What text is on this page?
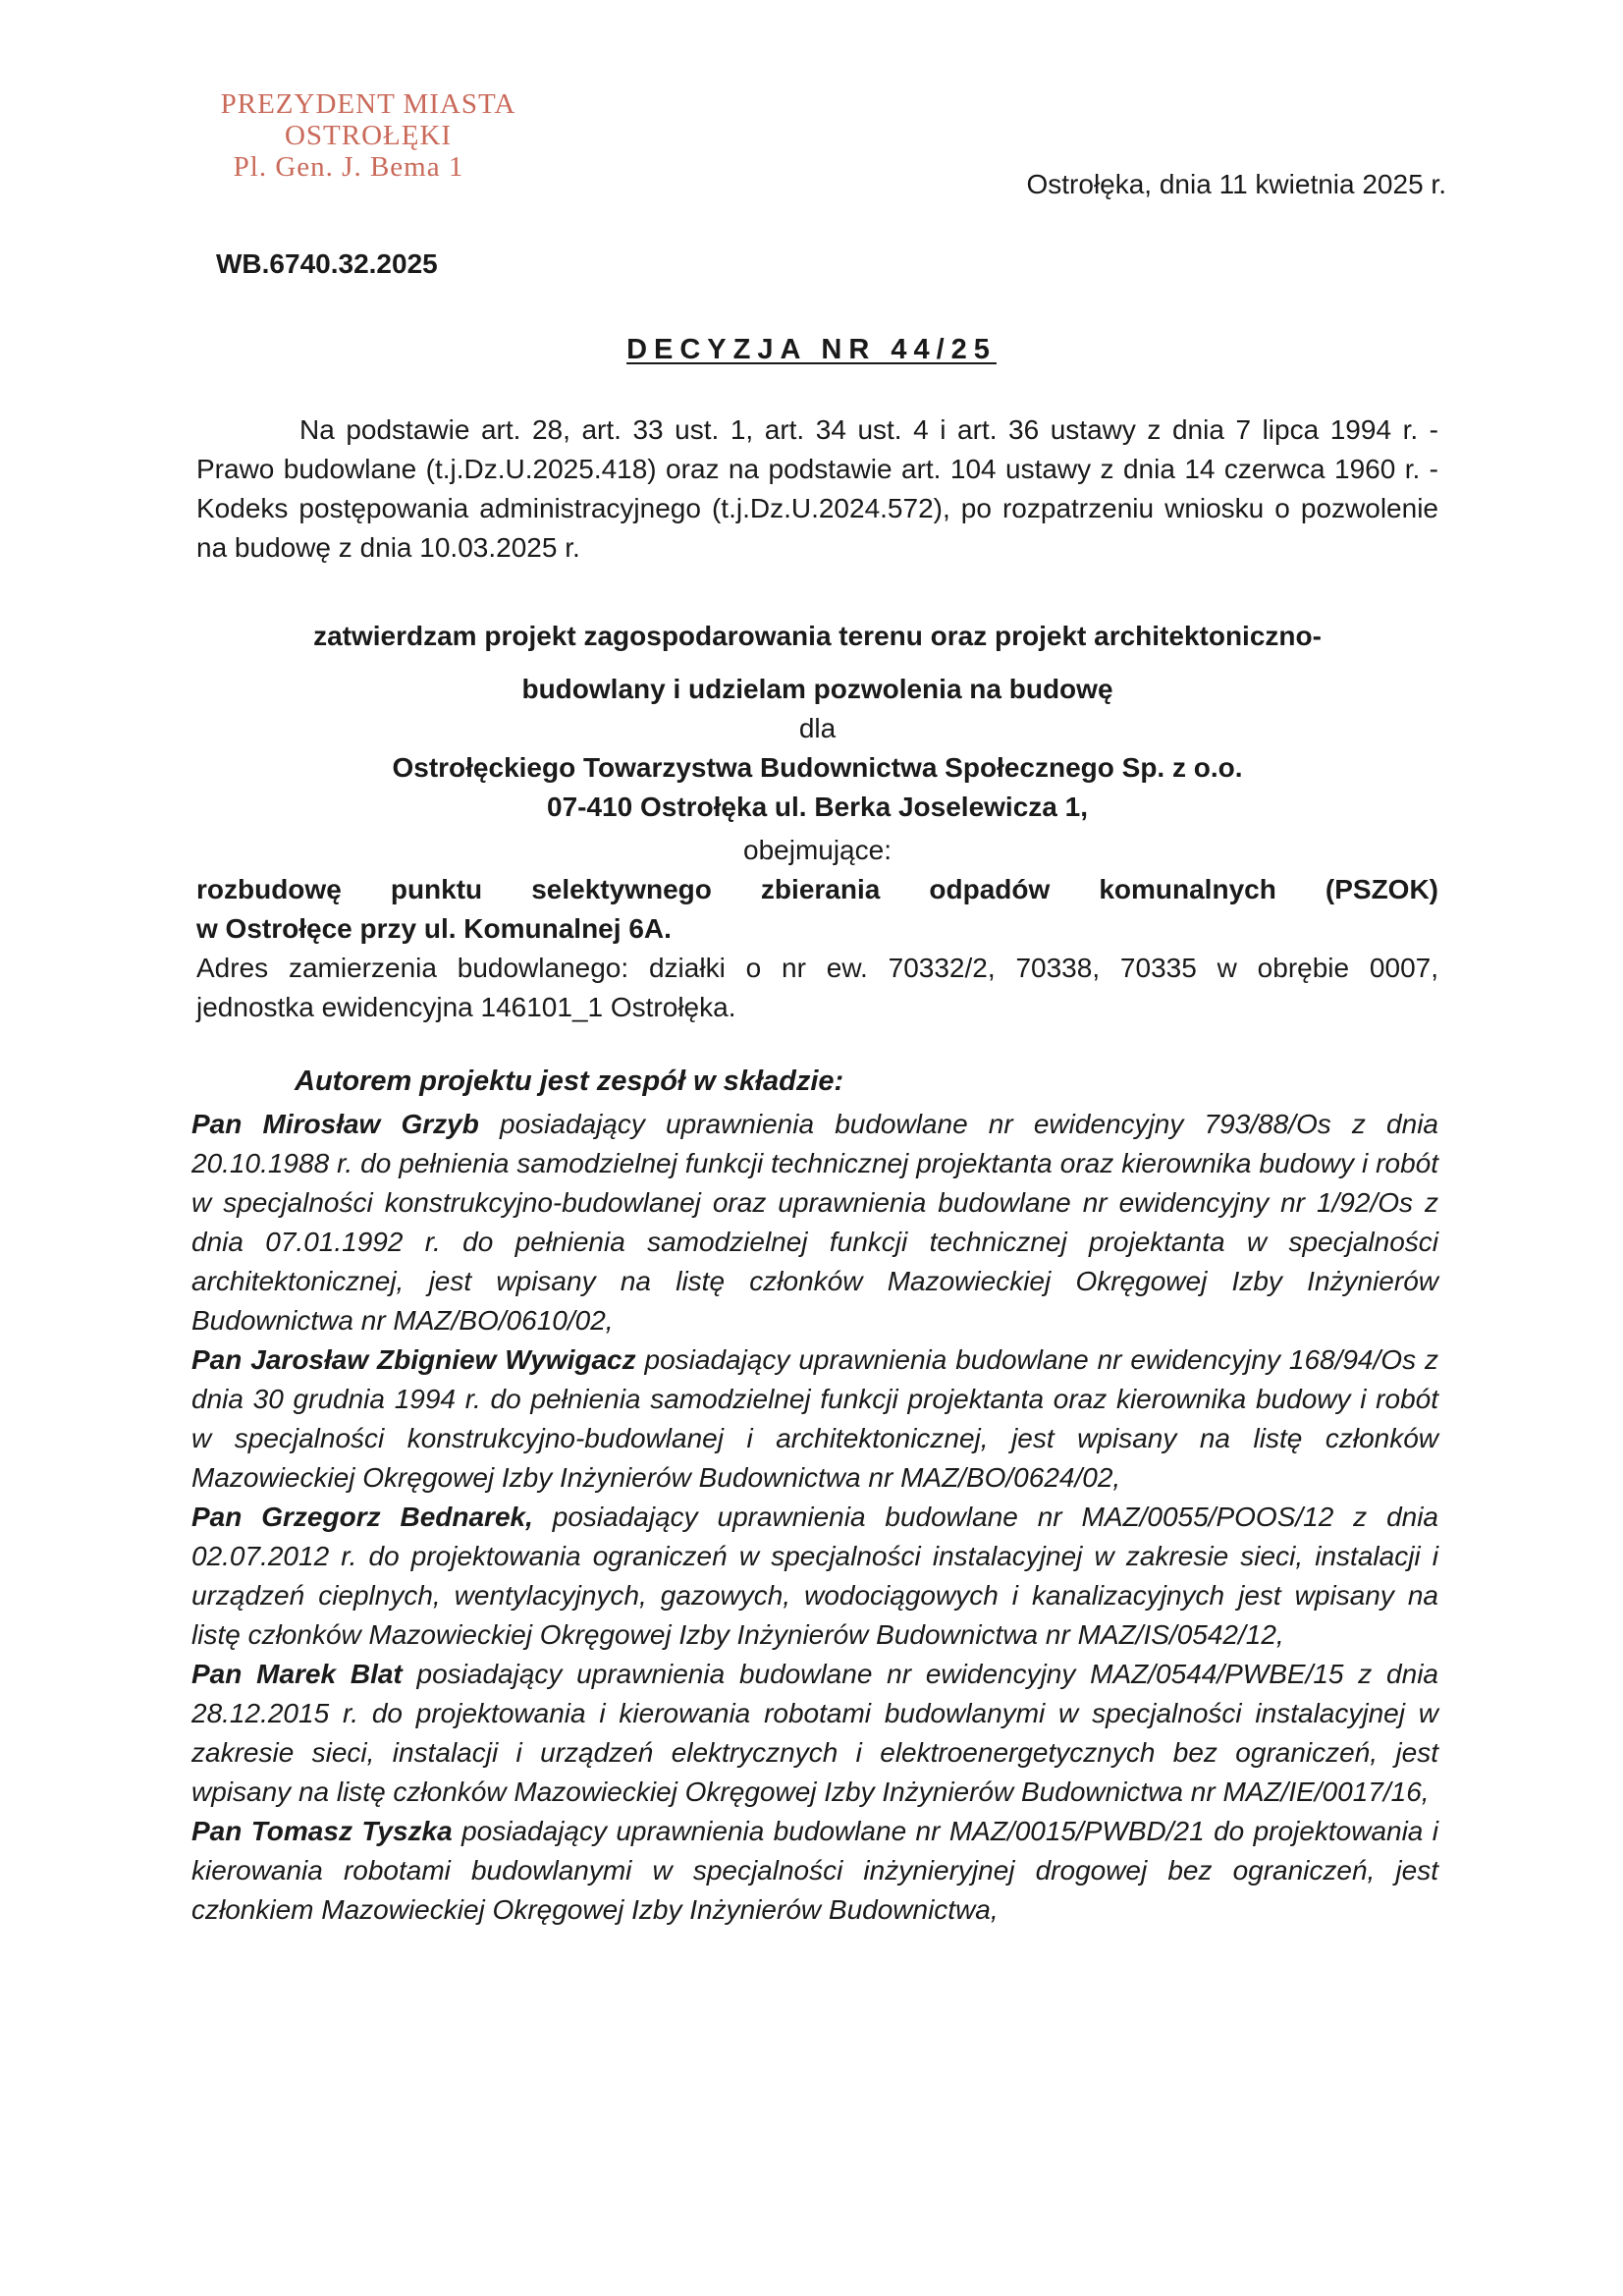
PREZYDENT MIASTA
OSTROŁĘKI
Pl. Gen. J. Bema 1
Ostrołęka, dnia 11 kwietnia 2025 r.
WB.6740.32.2025
DECYZJA NR 44/25
Na podstawie art. 28, art. 33 ust. 1, art. 34 ust. 4 i art. 36 ustawy z dnia 7 lipca 1994 r. - Prawo budowlane (t.j.Dz.U.2025.418) oraz na podstawie art. 104 ustawy z dnia 14 czerwca 1960 r. - Kodeks postępowania administracyjnego (t.j.Dz.U.2024.572), po rozpatrzeniu wniosku o pozwolenie na budowę z dnia 10.03.2025 r.
zatwierdzam projekt zagospodarowania terenu oraz projekt architektoniczno-
budowlany i udzielam pozwolenia na budowę
dla
Ostrołęckiego Towarzystwa Budownictwa Społecznego Sp. z o.o.
07-410 Ostrołęka ul. Berka Joselewicza 1,
obejmujące:
rozbudowę punktu selektywnego zbierania odpadów komunalnych (PSZOK)
w Ostrołęce przy ul. Komunalnej 6A.
Adres zamierzenia budowlanego: działki o nr ew. 70332/2, 70338, 70335 w obrębie 0007,
jednostka ewidencyjna 146101_1 Ostrołęka.
Autorem projektu jest zespół w składzie:

Pan Mirosław Grzyb posiadający uprawnienia budowlane nr ewidencyjny 793/88/Os z dnia 20.10.1988 r. do pełnienia samodzielnej funkcji technicznej projektanta oraz kierownika budowy i robót w specjalności konstrukcyjno-budowlanej oraz uprawnienia budowlane nr ewidencyjny nr 1/92/Os z dnia 07.01.1992 r. do pełnienia samodzielnej funkcji technicznej projektanta w specjalności architektonicznej, jest wpisany na listę członków Mazowieckiej Okręgowej Izby Inżynierów Budownictwa nr MAZ/BO/0610/02,

Pan Jarosław Zbigniew Wywigacz posiadający uprawnienia budowlane nr ewidencyjny 168/94/Os z dnia 30 grudnia 1994 r. do pełnienia samodzielnej funkcji projektanta oraz kierownika budowy i robót w specjalności konstrukcyjno-budowlanej i architektonicznej, jest wpisany na listę członków Mazowieckiej Okręgowej Izby Inżynierów Budownictwa nr MAZ/BO/0624/02,

Pan Grzegorz Bednarek, posiadający uprawnienia budowlane nr MAZ/0055/POOS/12 z dnia 02.07.2012 r. do projektowania ograniczeń w specjalności instalacyjnej w zakresie sieci, instalacji i urządzeń cieplnych, wentylacyjnych, gazowych, wodociągowych i kanalizacyjnych jest wpisany na listę członków Mazowieckiej Okręgowej Izby Inżynierów Budownictwa nr MAZ/IS/0542/12,

Pan Marek Blat posiadający uprawnienia budowlane nr ewidencyjny MAZ/0544/PWBE/15 z dnia 28.12.2015 r. do projektowania i kierowania robotami budowlanymi w specjalności instalacyjnej w zakresie sieci, instalacji i urządzeń elektrycznych i elektroenergetycznych bez ograniczeń, jest wpisany na listę członków Mazowieckiej Okręgowej Izby Inżynierów Budownictwa nr MAZ/IE/0017/16,

Pan Tomasz Tyszka posiadający uprawnienia budowlane nr MAZ/0015/PWBD/21 do projektowania i kierowania robotami budowlanymi w specjalności inżynieryjnej drogowej bez ograniczeń, jest członkiem Mazowieckiej Okręgowej Izby Inżynierów Budownictwa,
